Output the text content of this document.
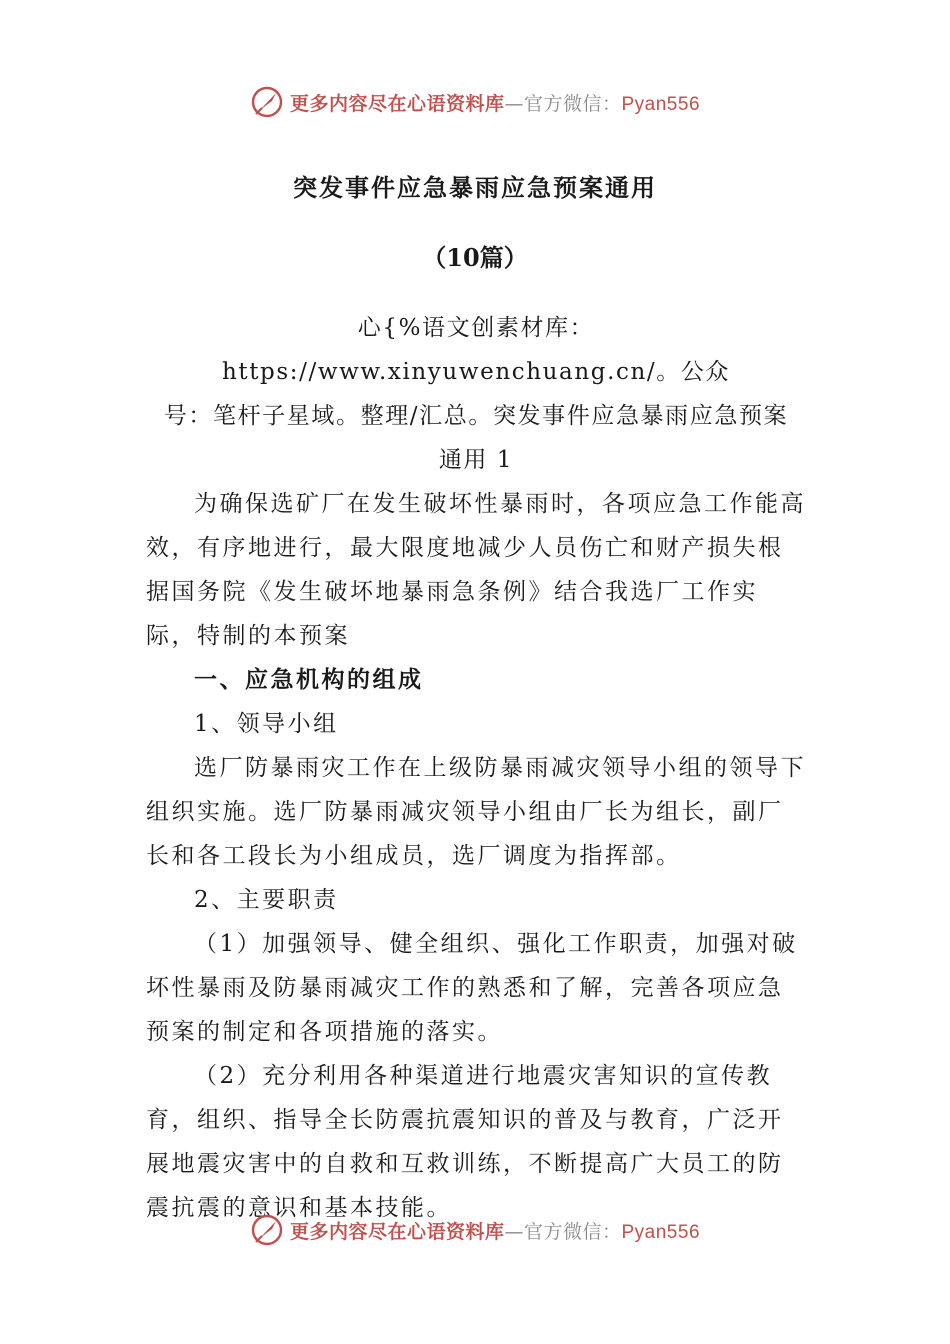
更多内容尽在心语资料库—官方微信：Pyan556
突发事件应急暴雨应急预案通用
（10篇）

心{%语文创素材库：https://www.xinyuwenchuang.cn/。公众

号：笔杆子星域。整理/汇总。突发事件应急暴雨应急预案

通用 1

为确保选矿厂在发生破坏性暴雨时，各项应急工作能高效，有序地进行，最大限度地减少人员伤亡和财产损失根据国务院《发生破坏地暴雨急条例》结合我选厂工作实际，特制的本预案

一、应急机构的组成

1、领导小组

选厂防暴雨灾工作在上级防暴雨减灾领导小组的领导下组织实施。选厂防暴雨减灾领导小组由厂长为组长，副厂长和各工段长为小组成员，选厂调度为指挥部。

2、主要职责

（1）加强领导、健全组织、强化工作职责，加强对破坏性暴雨及防暴雨减灾工作的熟悉和了解，完善各项应急预案的制定和各项措施的落实。

（2）充分利用各种渠道进行地震灾害知识的宣传教育，组织、指导全长防震抗震知识的普及与教育，广泛开展地震灾害中的自救和互救训练，不断提高广大员工的防震抗震的意识和基本技能。

更多内容尽在心语资料库—官方微信：Pyan556
